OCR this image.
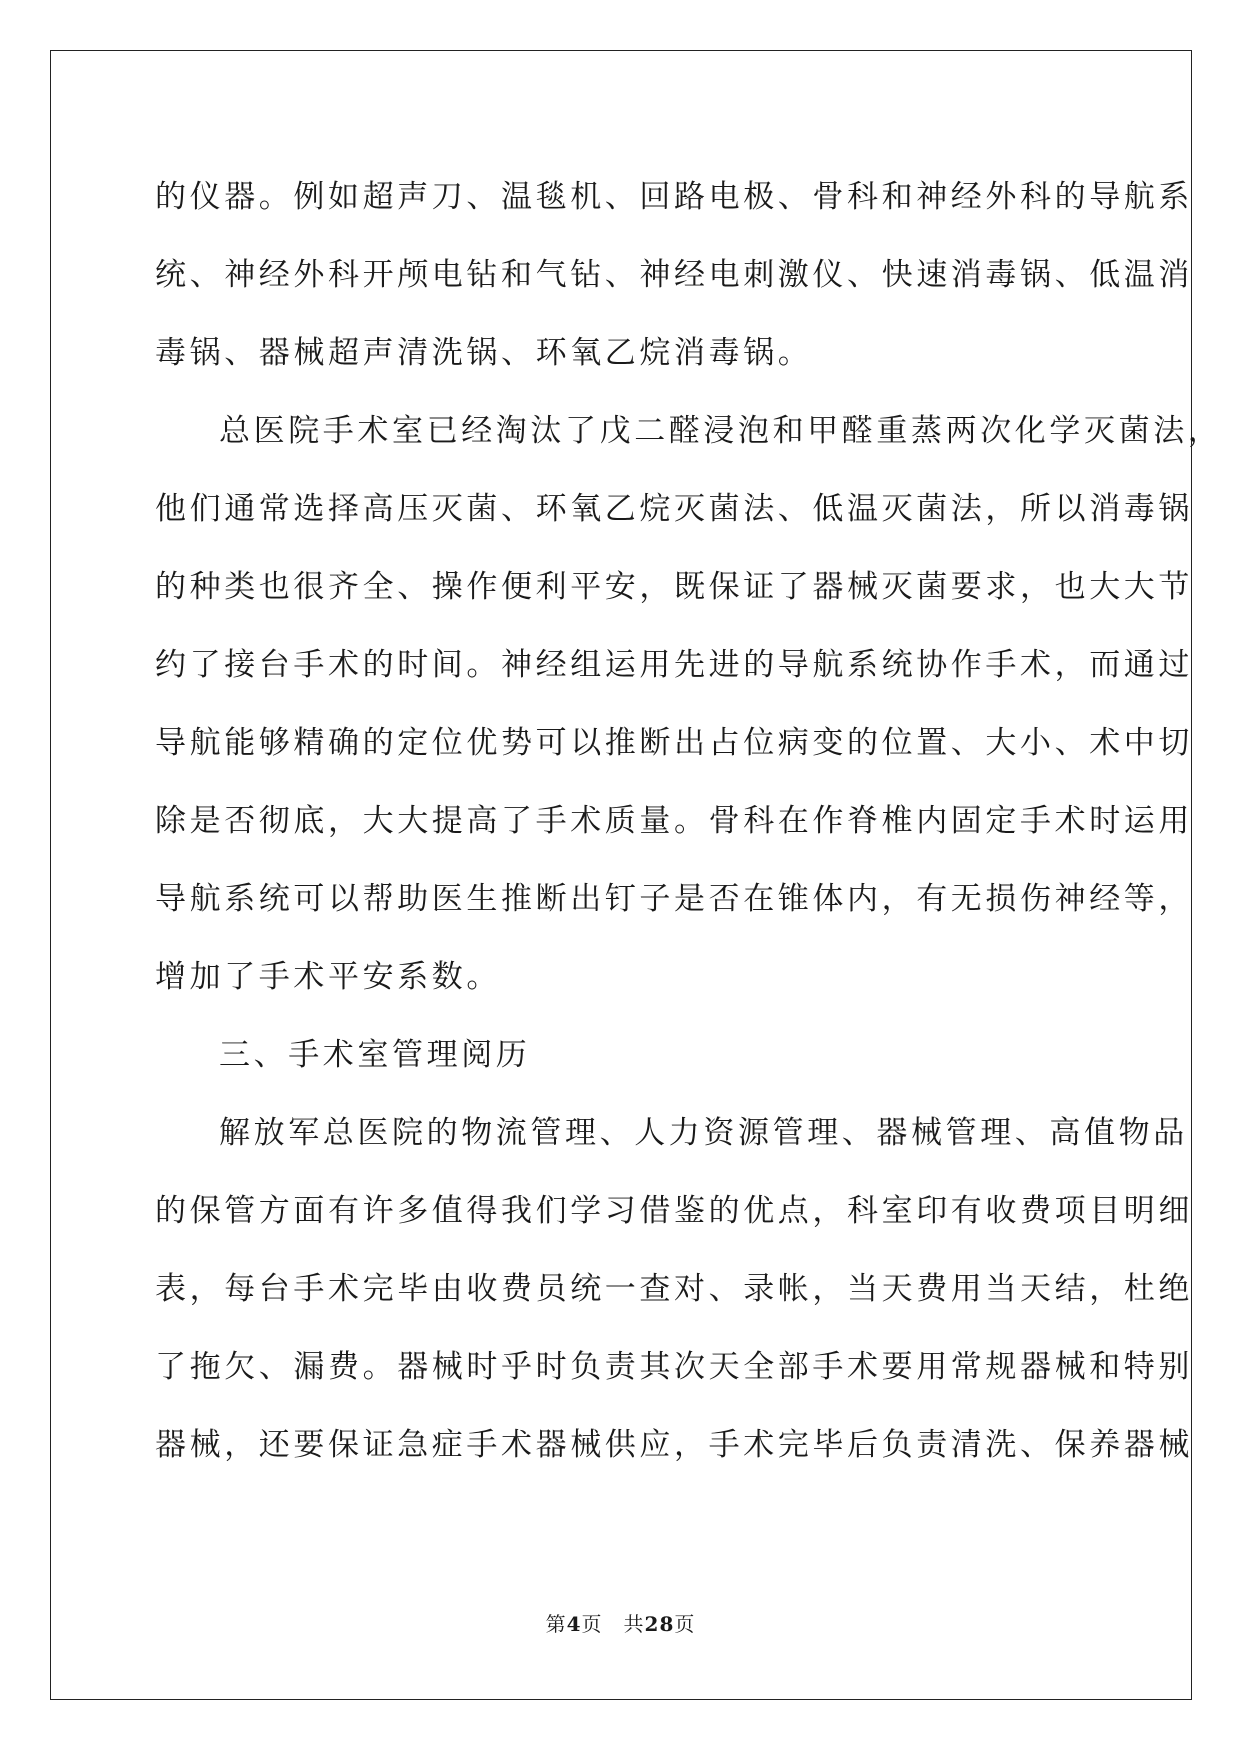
的仪器。例如超声刀、温毯机、回路电极、骨科和神经外科的导航系
统、神经外科开颅电钻和气钻、神经电刺激仪、快速消毒锅、低温消
毒锅、器械超声清洗锅、环氧乙烷消毒锅。
总医院手术室已经淘汰了戊二醛浸泡和甲醛重蒸两次化学灭菌法，
他们通常选择高压灭菌、环氧乙烷灭菌法、低温灭菌法，所以消毒锅
的种类也很齐全、操作便利平安，既保证了器械灭菌要求，也大大节
约了接台手术的时间。神经组运用先进的导航系统协作手术，而通过
导航能够精确的定位优势可以推断出占位病变的位置、大小、术中切
除是否彻底，大大提高了手术质量。骨科在作脊椎内固定手术时运用
导航系统可以帮助医生推断出钉子是否在锥体内，有无损伤神经等，
增加了手术平安系数。
三、手术室管理阅历
解放军总医院的物流管理、人力资源管理、器械管理、高值物品
的保管方面有许多值得我们学习借鉴的优点，科室印有收费项目明细
表，每台手术完毕由收费员统一查对、录帐，当天费用当天结，杜绝
了拖欠、漏费。器械时乎时负责其次天全部手术要用常规器械和特别
器械，还要保证急症手术器械供应，手术完毕后负责清洗、保养器械
第4页　共28页
